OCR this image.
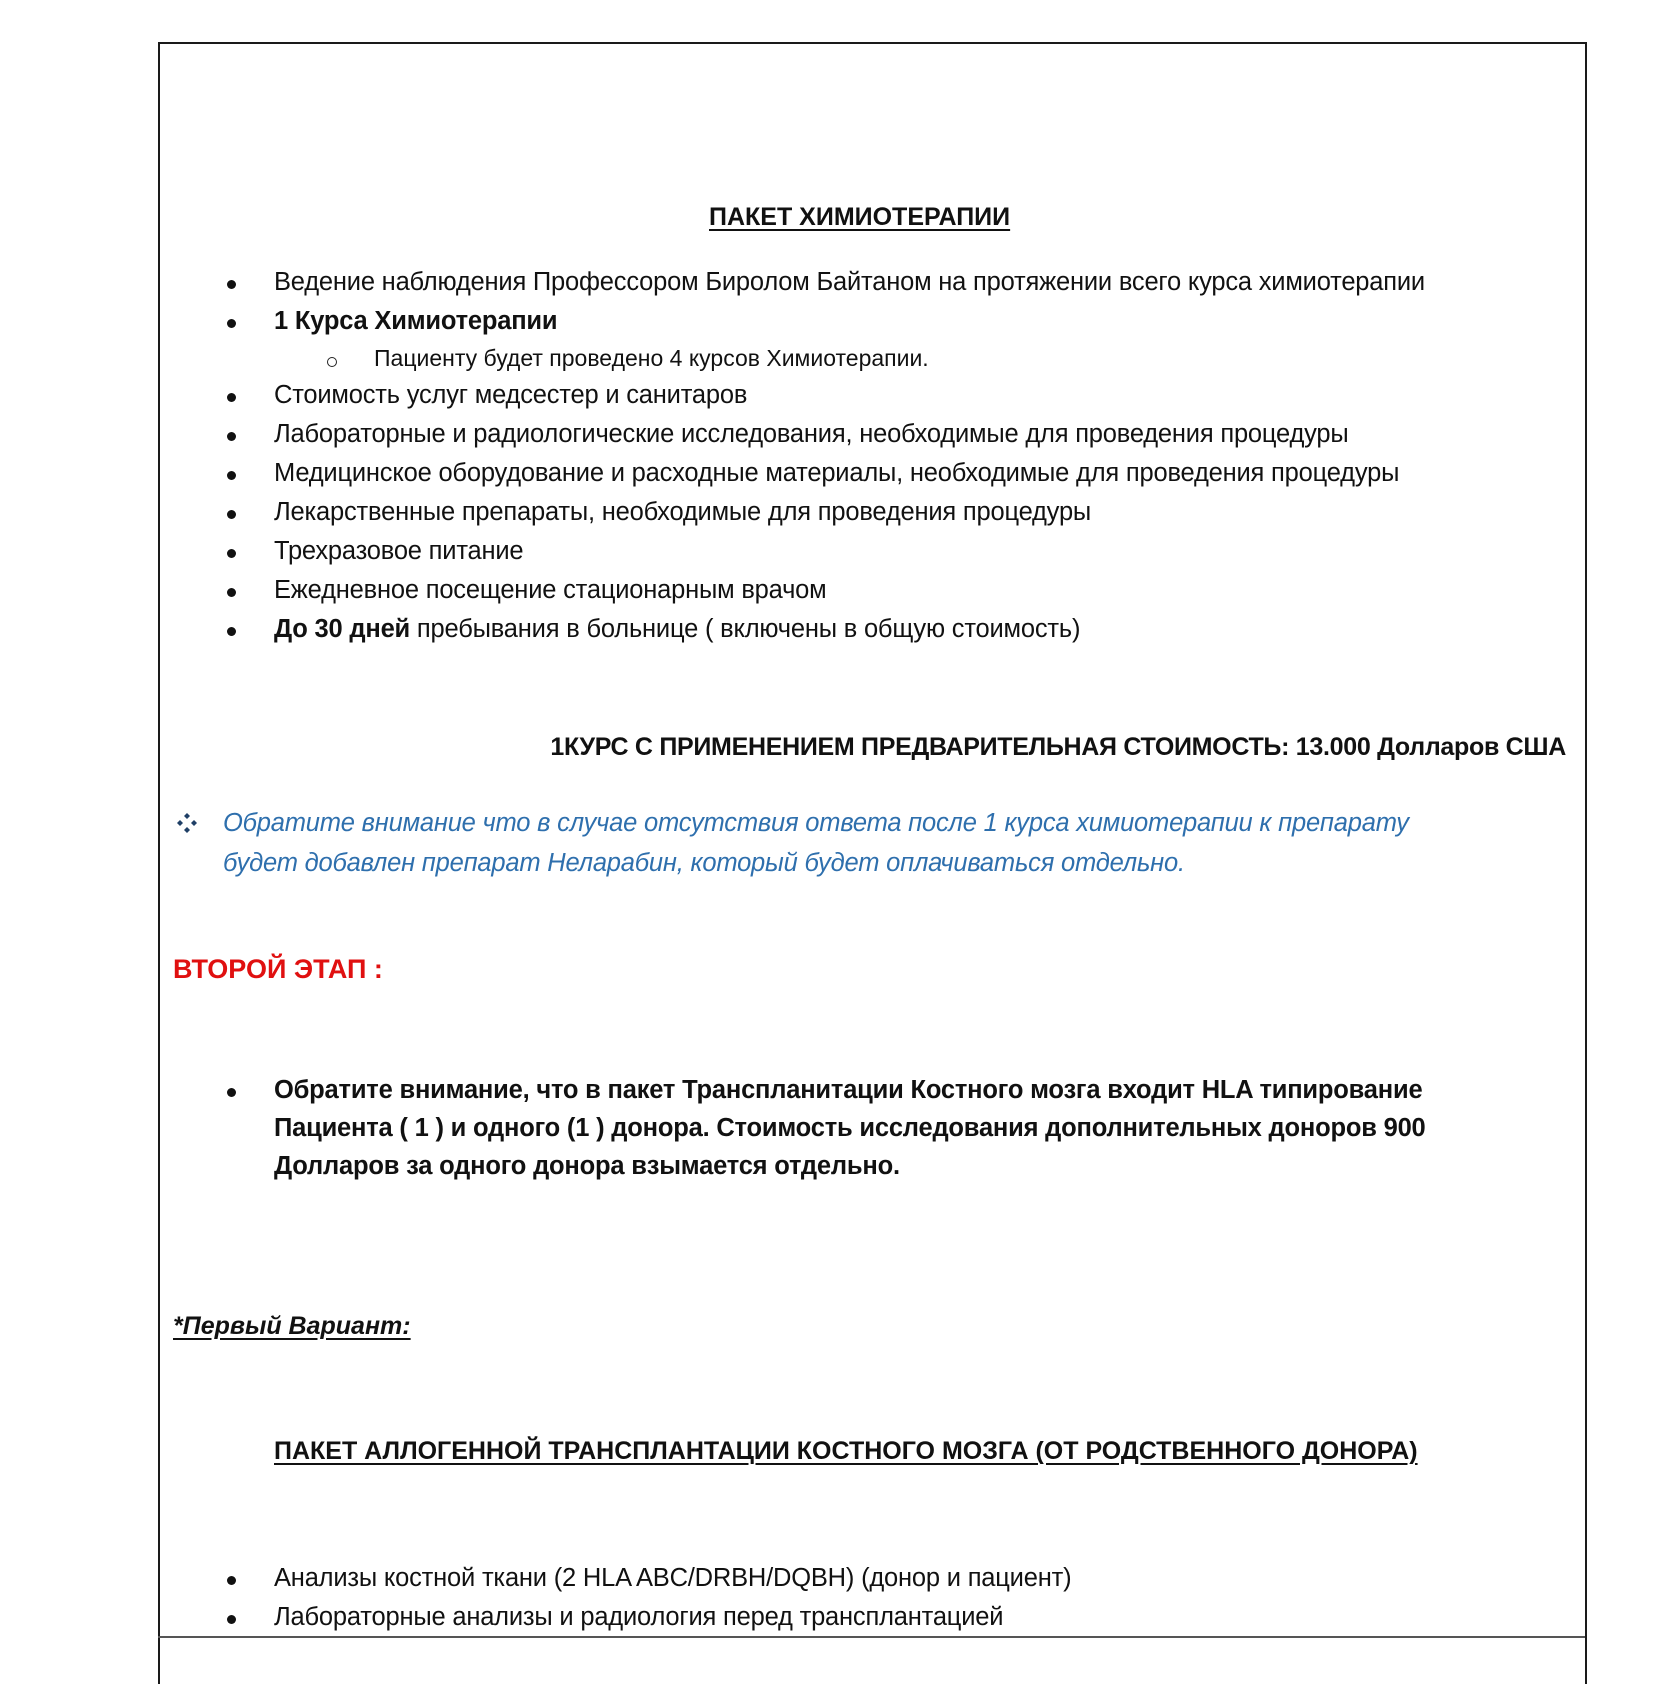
ПАКЕТ ХИМИОТЕРАПИИ
Ведение наблюдения Профессором Биролом Байтаном на протяжении всего курса химиотерапии
1 Курса Химиотерапии
Пациенту будет проведено 4 курсов Химиотерапии.
Стоимость услуг медсестер и санитаров
Лабораторные и радиологические исследования, необходимые для проведения процедуры
Медицинское оборудование и расходные материалы, необходимые для проведения процедуры
Лекарственные препараты, необходимые для проведения процедуры
Трехразовое питание
Ежедневное посещение стационарным врачом
До 30 дней пребывания в больнице ( включены в общую стоимость)
1КУРС С ПРИМЕНЕНИЕМ ПРЕДВАРИТЕЛЬНАЯ СТОИМОСТЬ: 13.000 Долларов США
Обратите внимание что в случае отсутствия ответа после 1 курса химиотерапии к препарату
будет добавлен препарат Неларабин, который будет оплачиваться отдельно.
ВТОРОЙ ЭТАП :
Обратите внимание, что в пакет Транспланитации Костного мозга входит HLA типирование
Пациента ( 1 ) и одного (1 ) донора. Стоимость исследования дополнительных доноров 900
Долларов за одного донора взымается отдельно.
*Первый Вариант:
ПАКЕТ АЛЛОГЕННОЙ ТРАНСПЛАНТАЦИИ КОСТНОГО МОЗГА (ОТ РОДСТВЕННОГО ДОНОРА)
Анализы костной ткани (2 HLA ABC/DRBH/DQBH) (донор и пациент)
Лабораторные анализы и радиология перед трансплантацией
